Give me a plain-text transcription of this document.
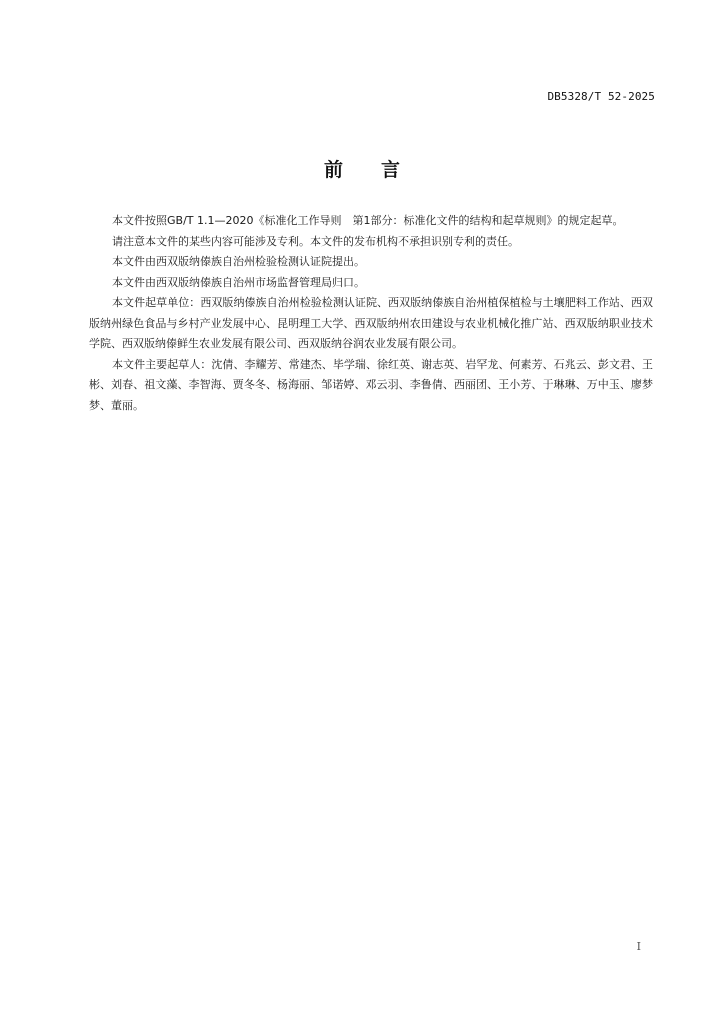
DB5328/T 52-2025
前言

本文件按照GB/T 1.1—2020《标准化工作导则　第1部分：标准化文件的结构和起草规则》的规定起草。

请注意本文件的某些内容可能涉及专利。本文件的发布机构不承担识别专利的责任。

本文件由西双版纳傣族自治州检验检测认证院提出。

本文件由西双版纳傣族自治州市场监督管理局归口。

本文件起草单位：西双版纳傣族自治州检验检测认证院、西双版纳傣族自治州植保植检与土壤肥料工作站、西双版纳州绿色食品与乡村产业发展中心、昆明理工大学、西双版纳州农田建设与农业机械化推广站、西双版纳职业技术学院、西双版纳傣鲜生农业发展有限公司、西双版纳谷润农业发展有限公司。

本文件主要起草人：沈倩、李耀芳、常建杰、毕学瑞、徐红英、谢志英、岩罕龙、何素芳、石兆云、彭文君、王彬、刘春、祖文藻、李智海、贾冬冬、杨海丽、邹诺婷、邓云羽、李鲁倩、西丽团、王小芳、于琳琳、万中玉、廖梦梦、董丽。

I
